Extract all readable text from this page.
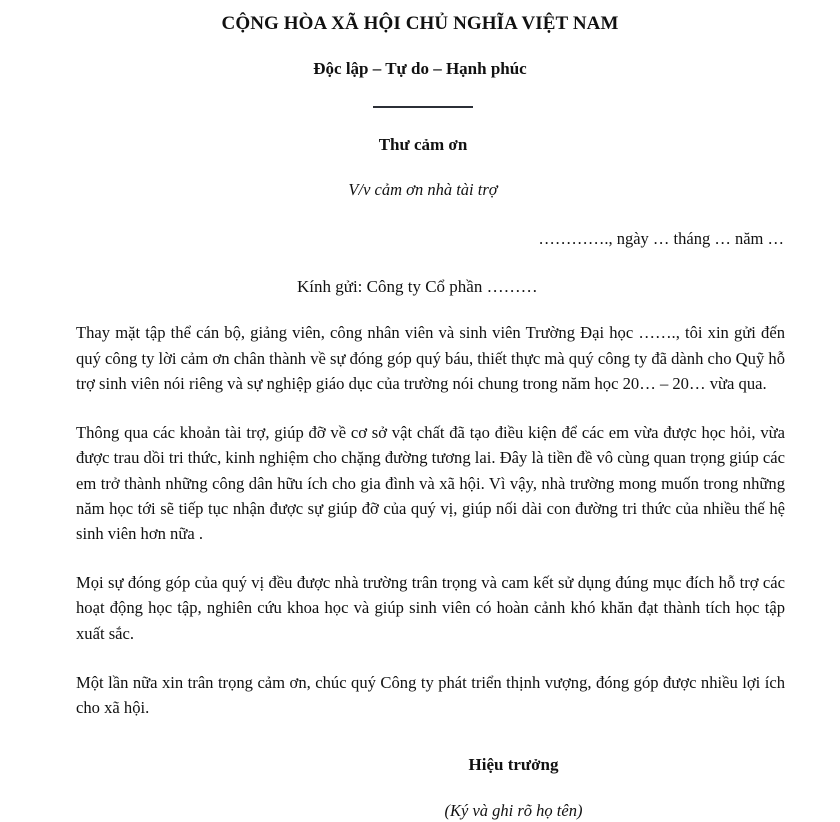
CỘNG HÒA XÃ HỘI CHỦ NGHĨA VIỆT NAM
Độc lập – Tự do – Hạnh phúc
Thư cảm ơn
V/v cảm ơn nhà tài trợ
…………., ngày … tháng … năm …
Kính gửi: Công ty Cổ phần ………

Thay mặt tập thể cán bộ, giảng viên, công nhân viên và sinh viên Trường Đại học ……., tôi xin gửi đến quý công ty lời cảm ơn chân thành về sự đóng góp quý báu, thiết thực mà quý công ty đã dành cho Quỹ hỗ trợ sinh viên nói riêng và sự nghiệp giáo dục của trường nói chung trong năm học 20… – 20… vừa qua.

Thông qua các khoản tài trợ, giúp đỡ về cơ sở vật chất đã tạo điều kiện để các em vừa được học hỏi, vừa được trau dồi tri thức, kinh nghiệm cho chặng đường tương lai. Đây là tiền đề vô cùng quan trọng giúp các em trở thành những công dân hữu ích cho gia đình và xã hội. Vì vậy, nhà trường mong muốn trong những năm học tới sẽ tiếp tục nhận được sự giúp đỡ của quý vị, giúp nối dài con đường tri thức của nhiều thế hệ sinh viên hơn nữa .

Mọi sự đóng góp của quý vị đều được nhà trường trân trọng và cam kết sử dụng đúng mục đích hỗ trợ các hoạt động học tập, nghiên cứu khoa học và giúp sinh viên có hoàn cảnh khó khăn đạt thành tích học tập xuất sắc.

Một lần nữa xin trân trọng cảm ơn, chúc quý Công ty phát triển thịnh vượng, đóng góp được nhiều lợi ích cho xã hội.

Hiệu trưởng
(Ký và ghi rõ họ tên)
